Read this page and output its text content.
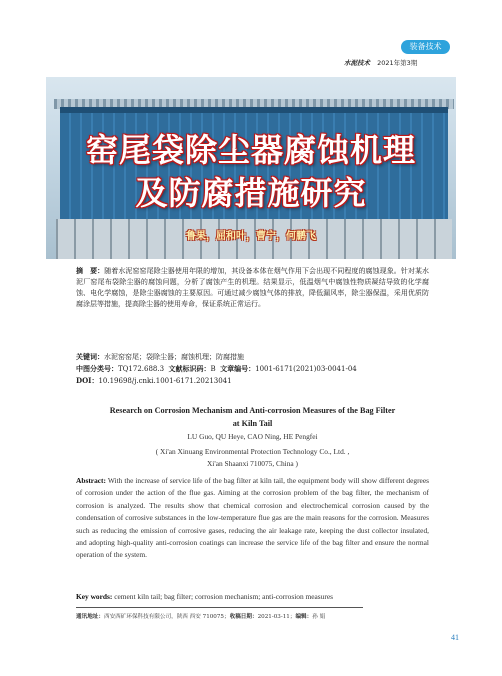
装备技术
水泥技术 2021年第3期
窑尾袋除尘器腐蚀机理
及防腐措施研究
鲁果，屈和叶，曹宁，何鹏飞

摘　要：随着水泥窑窑尾除尘器使用年限的增加，其设备本体在烟气作用下会出现不同程度的腐蚀现象。针对某水泥厂窑尾布袋除尘器的腐蚀问题，分析了腐蚀产生的机理。结果显示，低温烟气中腐蚀性物质凝结导致的化学腐蚀、电化学腐蚀，是除尘器腐蚀的主要原因。可通过减少腐蚀气体的排放，降低漏风率，除尘器保温，采用优质防腐涂层等措施，提高除尘器的使用寿命，保证系统正常运行。

关键词：水泥窑窑尾；袋除尘器；腐蚀机理；防腐措施

中图分类号：TQ172.688.3 文献标识码：B 文章编号：1001-6171(2021)03-0041-04

DOI：10.19698/j.cnki.1001-6171.20213041

Research on Corrosion Mechanism and Anti-corrosion Measures of the Bag Filter
at Kiln Tail
LU Guo, QU Heye, CAO Ning, HE Pengfei
( Xi'an Xinuang Environmental Protection Technology Co., Ltd. ,
Xi'an Shaanxi 710075, China )
Abstract: With the increase of service life of the bag filter at kiln tail, the equipment body will show different degrees of corrosion under the action of the flue gas. Aiming at the corrosion problem of the bag filter, the mechanism of corrosion is analyzed. The results show that chemical corrosion and electrochemical corrosion caused by the condensation of corrosive substances in the low-temperature flue gas are the main reasons for the corrosion. Measures such as reducing the emission of corrosive gases, reducing the air leakage rate, keeping the dust collector insulated, and adopting high-quality anti-corrosion coatings can increase the service life of the bag filter and ensure the normal operation of the system.
Key words: cement kiln tail; bag filter; corrosion mechanism; anti-corrosion measures
通讯地址：西安西矿环保科技有限公司，陕西 西安 710075；收稿日期：2021-03-11；编辑：孙 娟
41
